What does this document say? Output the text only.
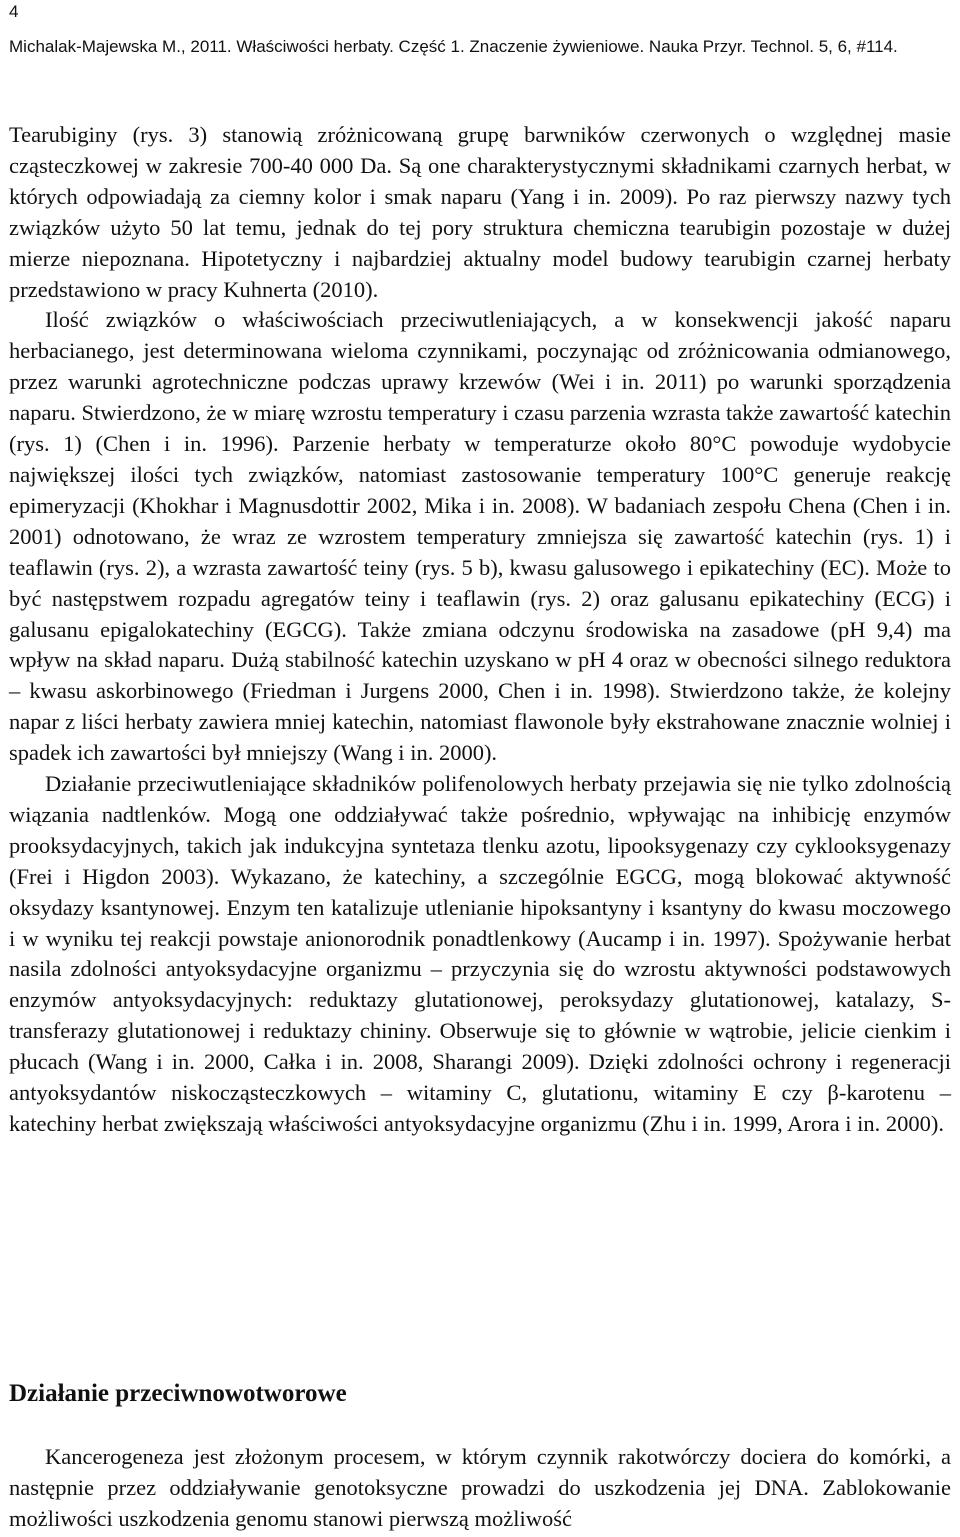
4
Michalak-Majewska M., 2011. Właściwości herbaty. Część 1. Znaczenie żywieniowe. Nauka Przyr. Technol. 5, 6, #114.

Tearubiginy (rys. 3) stanowią zróżnicowaną grupę barwników czerwonych o względnej masie cząsteczkowej w zakresie 700-40 000 Da. Są one charakterystycznymi składnikami czarnych herbat, w których odpowiadają za ciemny kolor i smak naparu (Yang i in. 2009). Po raz pierwszy nazwy tych związków użyto 50 lat temu, jednak do tej pory struktura chemiczna tearubigin pozostaje w dużej mierze niepoznana. Hipotetyczny i najbardziej aktualny model budowy tearubigin czarnej herbaty przedstawiono w pracy Kuhnerta (2010).

Ilość związków o właściwościach przeciwutleniających, a w konsekwencji jakość naparu herbacianego, jest determinowana wieloma czynnikami, poczynając od zróżnicowania odmianowego, przez warunki agrotechniczne podczas uprawy krzewów (Wei i in. 2011) po warunki sporządzenia naparu. Stwierdzono, że w miarę wzrostu temperatury i czasu parzenia wzrasta także zawartość katechin (rys. 1) (Chen i in. 1996). Parzenie herbaty w temperaturze około 80°C powoduje wydobycie największej ilości tych związków, natomiast zastosowanie temperatury 100°C generuje reakcję epimeryzacji (Khokhar i Magnusdottir 2002, Mika i in. 2008). W badaniach zespołu Chena (Chen i in. 2001) odnotowano, że wraz ze wzrostem temperatury zmniejsza się zawartość katechin (rys. 1) i teaflawin (rys. 2), a wzrasta zawartość teiny (rys. 5 b), kwasu galusowego i epikatechiny (EC). Może to być następstwem rozpadu agregatów teiny i teaflawin (rys. 2) oraz galusanu epikatechiny (ECG) i galusanu epigalokatechiny (EGCG). Także zmiana odczynu środowiska na zasadowe (pH 9,4) ma wpływ na skład naparu. Dużą stabilność katechin uzyskano w pH 4 oraz w obecności silnego reduktora – kwasu askorbinowego (Friedman i Jurgens 2000, Chen i in. 1998). Stwierdzono także, że kolejny napar z liści herbaty zawiera mniej katechin, natomiast flawonole były ekstrahowane znacznie wolniej i spadek ich zawartości był mniejszy (Wang i in. 2000).

Działanie przeciwutleniające składników polifenolowych herbaty przejawia się nie tylko zdolnością wiązania nadtlenków. Mogą one oddziaływać także pośrednio, wpływając na inhibicję enzymów prooksydacyjnych, takich jak indukcyjna syntetaza tlenku azotu, lipooksygenazy czy cyklooksygenazy (Frei i Higdon 2003). Wykazano, że katechiny, a szczególnie EGCG, mogą blokować aktywność oksydazy ksantynowej. Enzym ten katalizuje utlenianie hipoksantyny i ksantyny do kwasu moczowego i w wyniku tej reakcji powstaje anionorodnik ponadtlenkowy (Aucamp i in. 1997). Spożywanie herbat nasila zdolności antyoksydacyjne organizmu – przyczynia się do wzrostu aktywności podstawowych enzymów antyoksydacyjnych: reduktazy glutationowej, peroksydazy glutationowej, katalazy, S-transferazy glutationowej i reduktazy chininy. Obserwuje się to głównie w wątrobie, jelicie cienkim i płucach (Wang i in. 2000, Całka i in. 2008, Sharangi 2009). Dzięki zdolności ochrony i regeneracji antyoksydantów niskocząsteczkowych – witaminy C, glutationu, witaminy E czy β-karotenu – katechiny herbat zwiększają właściwości antyoksydacyjne organizmu (Zhu i in. 1999, Arora i in. 2000).

Działanie przeciwnowotworowe

Kancerogeneza jest złożonym procesem, w którym czynnik rakotwórczy dociera do komórki, a następnie przez oddziaływanie genotoksyczne prowadzi do uszkodzenia jej DNA. Zablokowanie możliwości uszkodzenia genomu stanowi pierwszą możliwość
